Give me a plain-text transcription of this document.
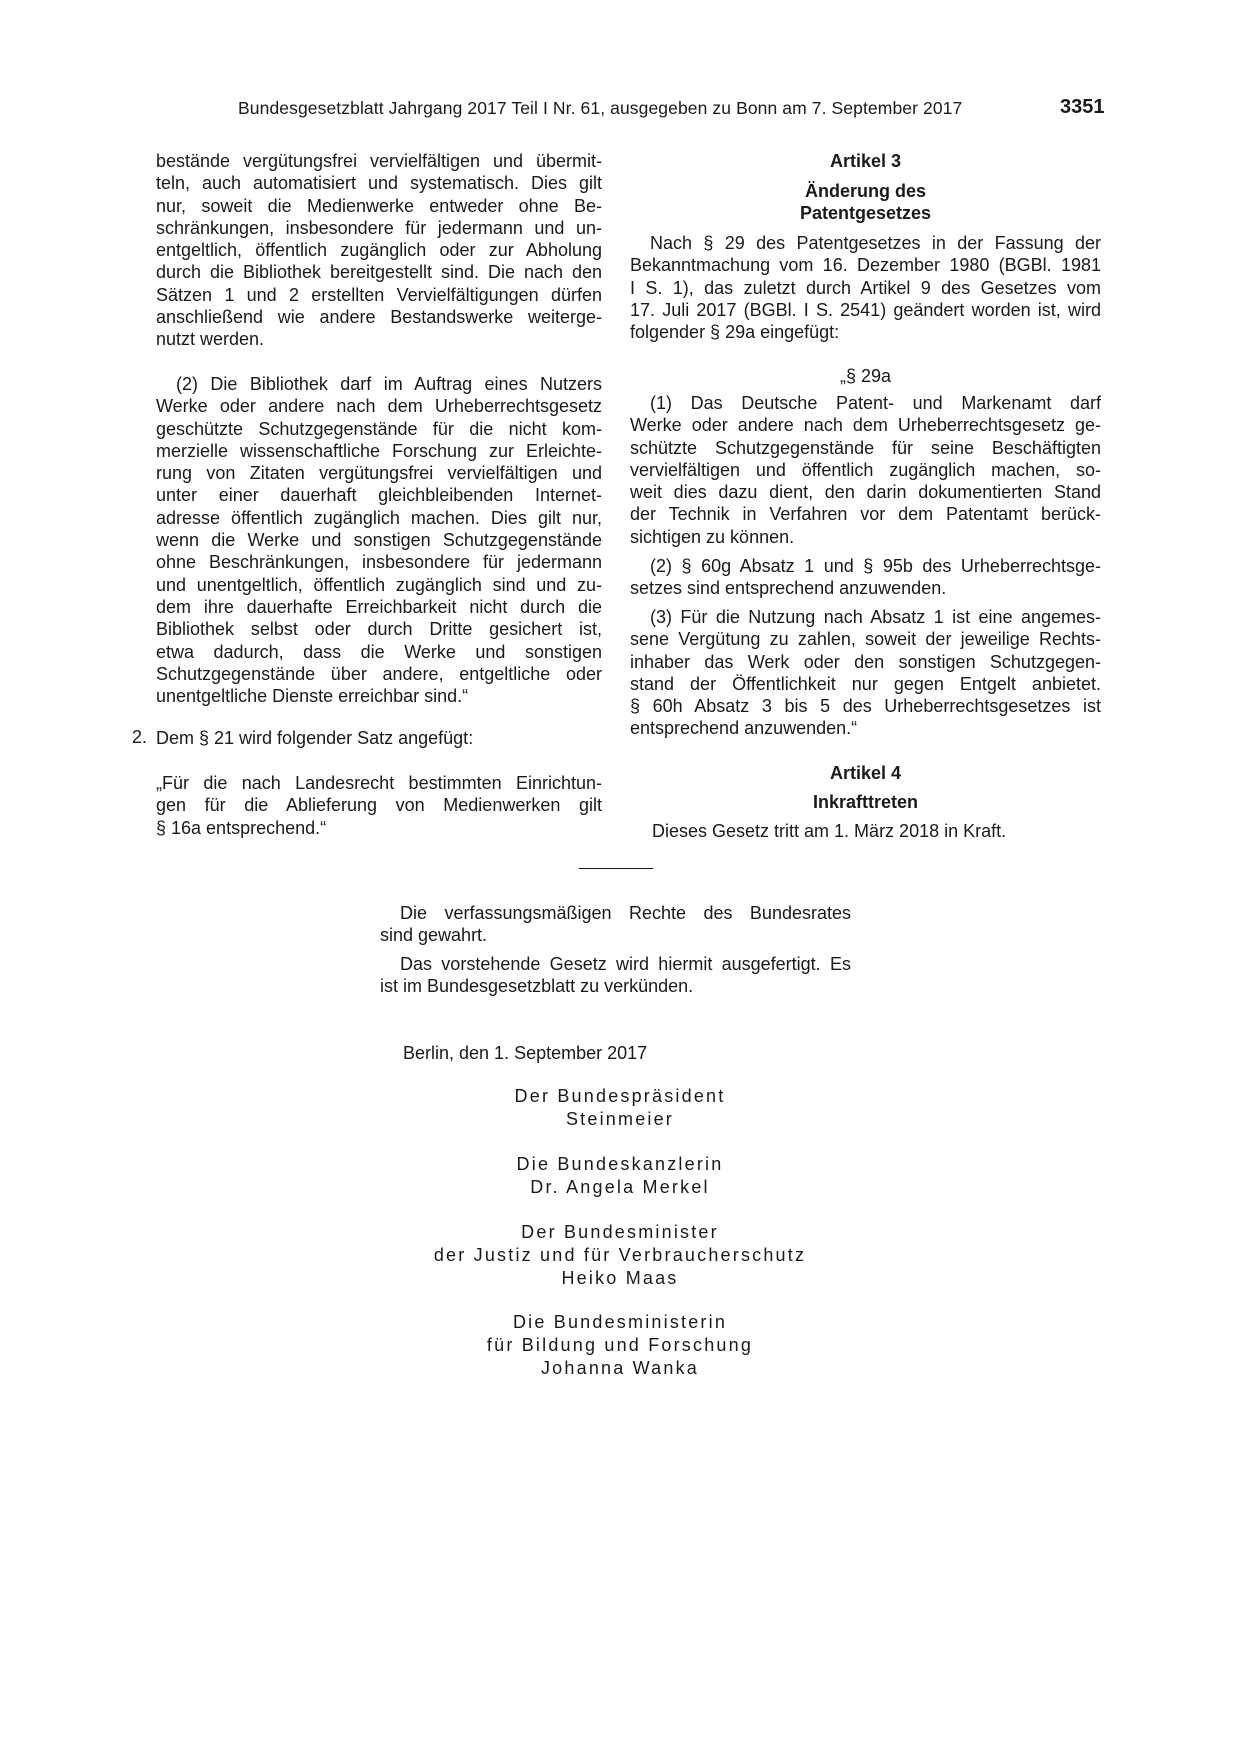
Bundesgesetzblatt Jahrgang 2017 Teil I Nr. 61, ausgegeben zu Bonn am 7. September 2017	3351
bestände vergütungsfrei vervielfältigen und übermit-
teln, auch automatisiert und systematisch. Dies gilt
nur, soweit die Medienwerke entweder ohne Be-
schränkungen, insbesondere für jedermann und un-
entgeltlich, öffentlich zugänglich oder zur Abholung
durch die Bibliothek bereitgestellt sind. Die nach den
Sätzen 1 und 2 erstellten Vervielfältigungen dürfen
anschließend wie andere Bestandswerke weiterge-
nutzt werden.
(2) Die Bibliothek darf im Auftrag eines Nutzers
Werke oder andere nach dem Urheberrechtsgesetz
geschützte Schutzgegenstände für die nicht kom-
merzielle wissenschaftliche Forschung zur Erleichte-
rung von Zitaten vergütungsfrei vervielfältigen und
unter einer dauerhaft gleichbleibenden Internet-
adresse öffentlich zugänglich machen. Dies gilt nur,
wenn die Werke und sonstigen Schutzgegenstände
ohne Beschränkungen, insbesondere für jedermann
und unentgeltlich, öffentlich zugänglich sind und zu-
dem ihre dauerhafte Erreichbarkeit nicht durch die
Bibliothek selbst oder durch Dritte gesichert ist,
etwa dadurch, dass die Werke und sonstigen
Schutzgegenstände über andere, entgeltliche oder
unentgeltliche Dienste erreichbar sind.“
2. Dem § 21 wird folgender Satz angefügt:
„Für die nach Landesrecht bestimmten Einrichtun-
gen für die Ablieferung von Medienwerken gilt
§ 16a entsprechend.“
Artikel 3
Änderung des
Patentgesetzes
Nach § 29 des Patentgesetzes in der Fassung der
Bekanntmachung vom 16. Dezember 1980 (BGBl. 1981
I S. 1), das zuletzt durch Artikel 9 des Gesetzes vom
17. Juli 2017 (BGBl. I S. 2541) geändert worden ist, wird
folgender § 29a eingefügt:
„§ 29a
(1) Das Deutsche Patent- und Markenamt darf
Werke oder andere nach dem Urheberrechtsgesetz ge-
schützte Schutzgegenstände für seine Beschäftigten
vervielfältigen und öffentlich zugänglich machen, so-
weit dies dazu dient, den darin dokumentierten Stand
der Technik in Verfahren vor dem Patentamt berück-
sichtigen zu können.
(2) § 60g Absatz 1 und § 95b des Urheberrechtsge-
setzes sind entsprechend anzuwenden.
(3) Für die Nutzung nach Absatz 1 ist eine angemes-
sene Vergütung zu zahlen, soweit der jeweilige Rechts-
inhaber das Werk oder den sonstigen Schutzgegen-
stand der Öffentlichkeit nur gegen Entgelt anbietet.
§ 60h Absatz 3 bis 5 des Urheberrechtsgesetzes ist
entsprechend anzuwenden.“
Artikel 4
Inkrafttreten
Dieses Gesetz tritt am 1. März 2018 in Kraft.
Die verfassungsmäßigen Rechte des Bundesrates
sind gewahrt.
Das vorstehende Gesetz wird hiermit ausgefertigt. Es
ist im Bundesgesetzblatt zu verkünden.
Berlin, den 1. September 2017
Der Bundespräsident
Steinmeier
Die Bundeskanzlerin
Dr. Angela Merkel
Der Bundesminister
der Justiz und für Verbraucherschutz
Heiko Maas
Die Bundesministerin
für Bildung und Forschung
Johanna Wanka
